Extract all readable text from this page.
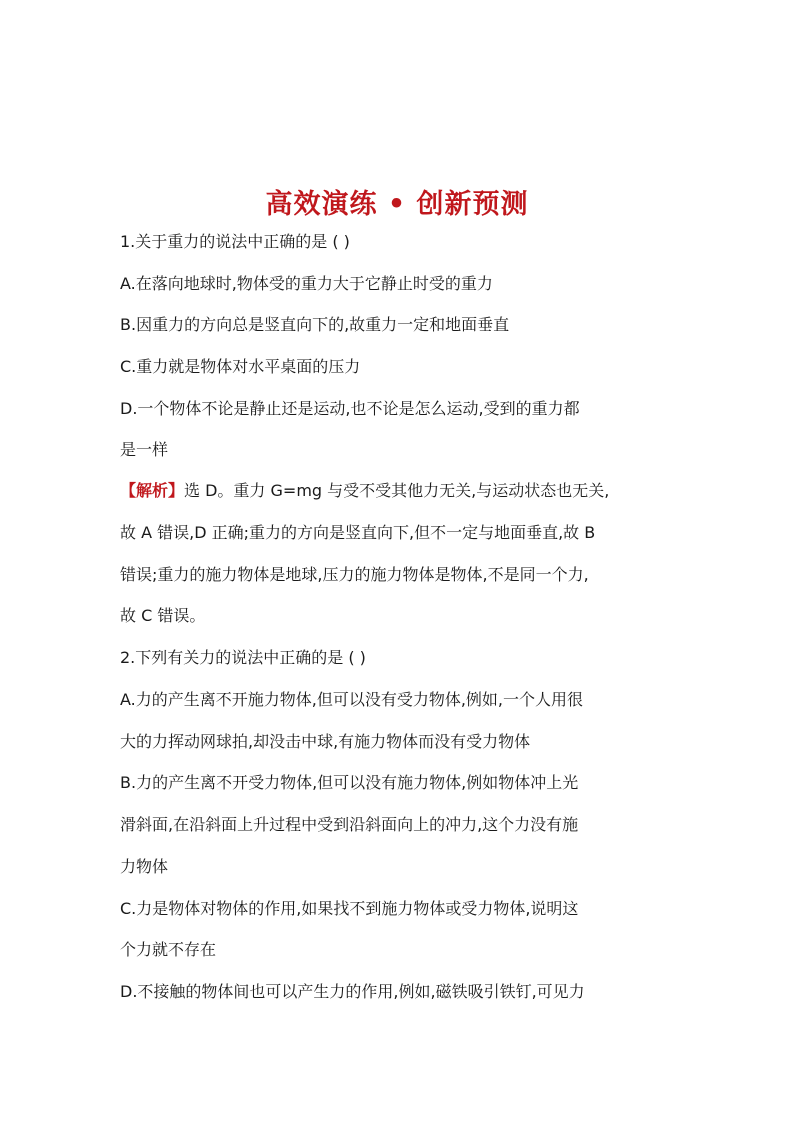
高效演练 • 创新预测
1.关于重力的说法中正确的是 ( )
A.在落向地球时,物体受的重力大于它静止时受的重力
B.因重力的方向总是竖直向下的,故重力一定和地面垂直
C.重力就是物体对水平桌面的压力
D.一个物体不论是静止还是运动,也不论是怎么运动,受到的重力都
是一样
【解析】选 D。重力 G=mg 与受不受其他力无关,与运动状态也无关,
故 A 错误,D 正确;重力的方向是竖直向下,但不一定与地面垂直,故 B
错误;重力的施力物体是地球,压力的施力物体是物体,不是同一个力,
故 C 错误。
2.下列有关力的说法中正确的是 ( )
A.力的产生离不开施力物体,但可以没有受力物体,例如,一个人用很
大的力挥动网球拍,却没击中球,有施力物体而没有受力物体
B.力的产生离不开受力物体,但可以没有施力物体,例如物体冲上光
滑斜面,在沿斜面上升过程中受到沿斜面向上的冲力,这个力没有施
力物体
C.力是物体对物体的作用,如果找不到施力物体或受力物体,说明这
个力就不存在
D.不接触的物体间也可以产生力的作用,例如,磁铁吸引铁钉,可见力
